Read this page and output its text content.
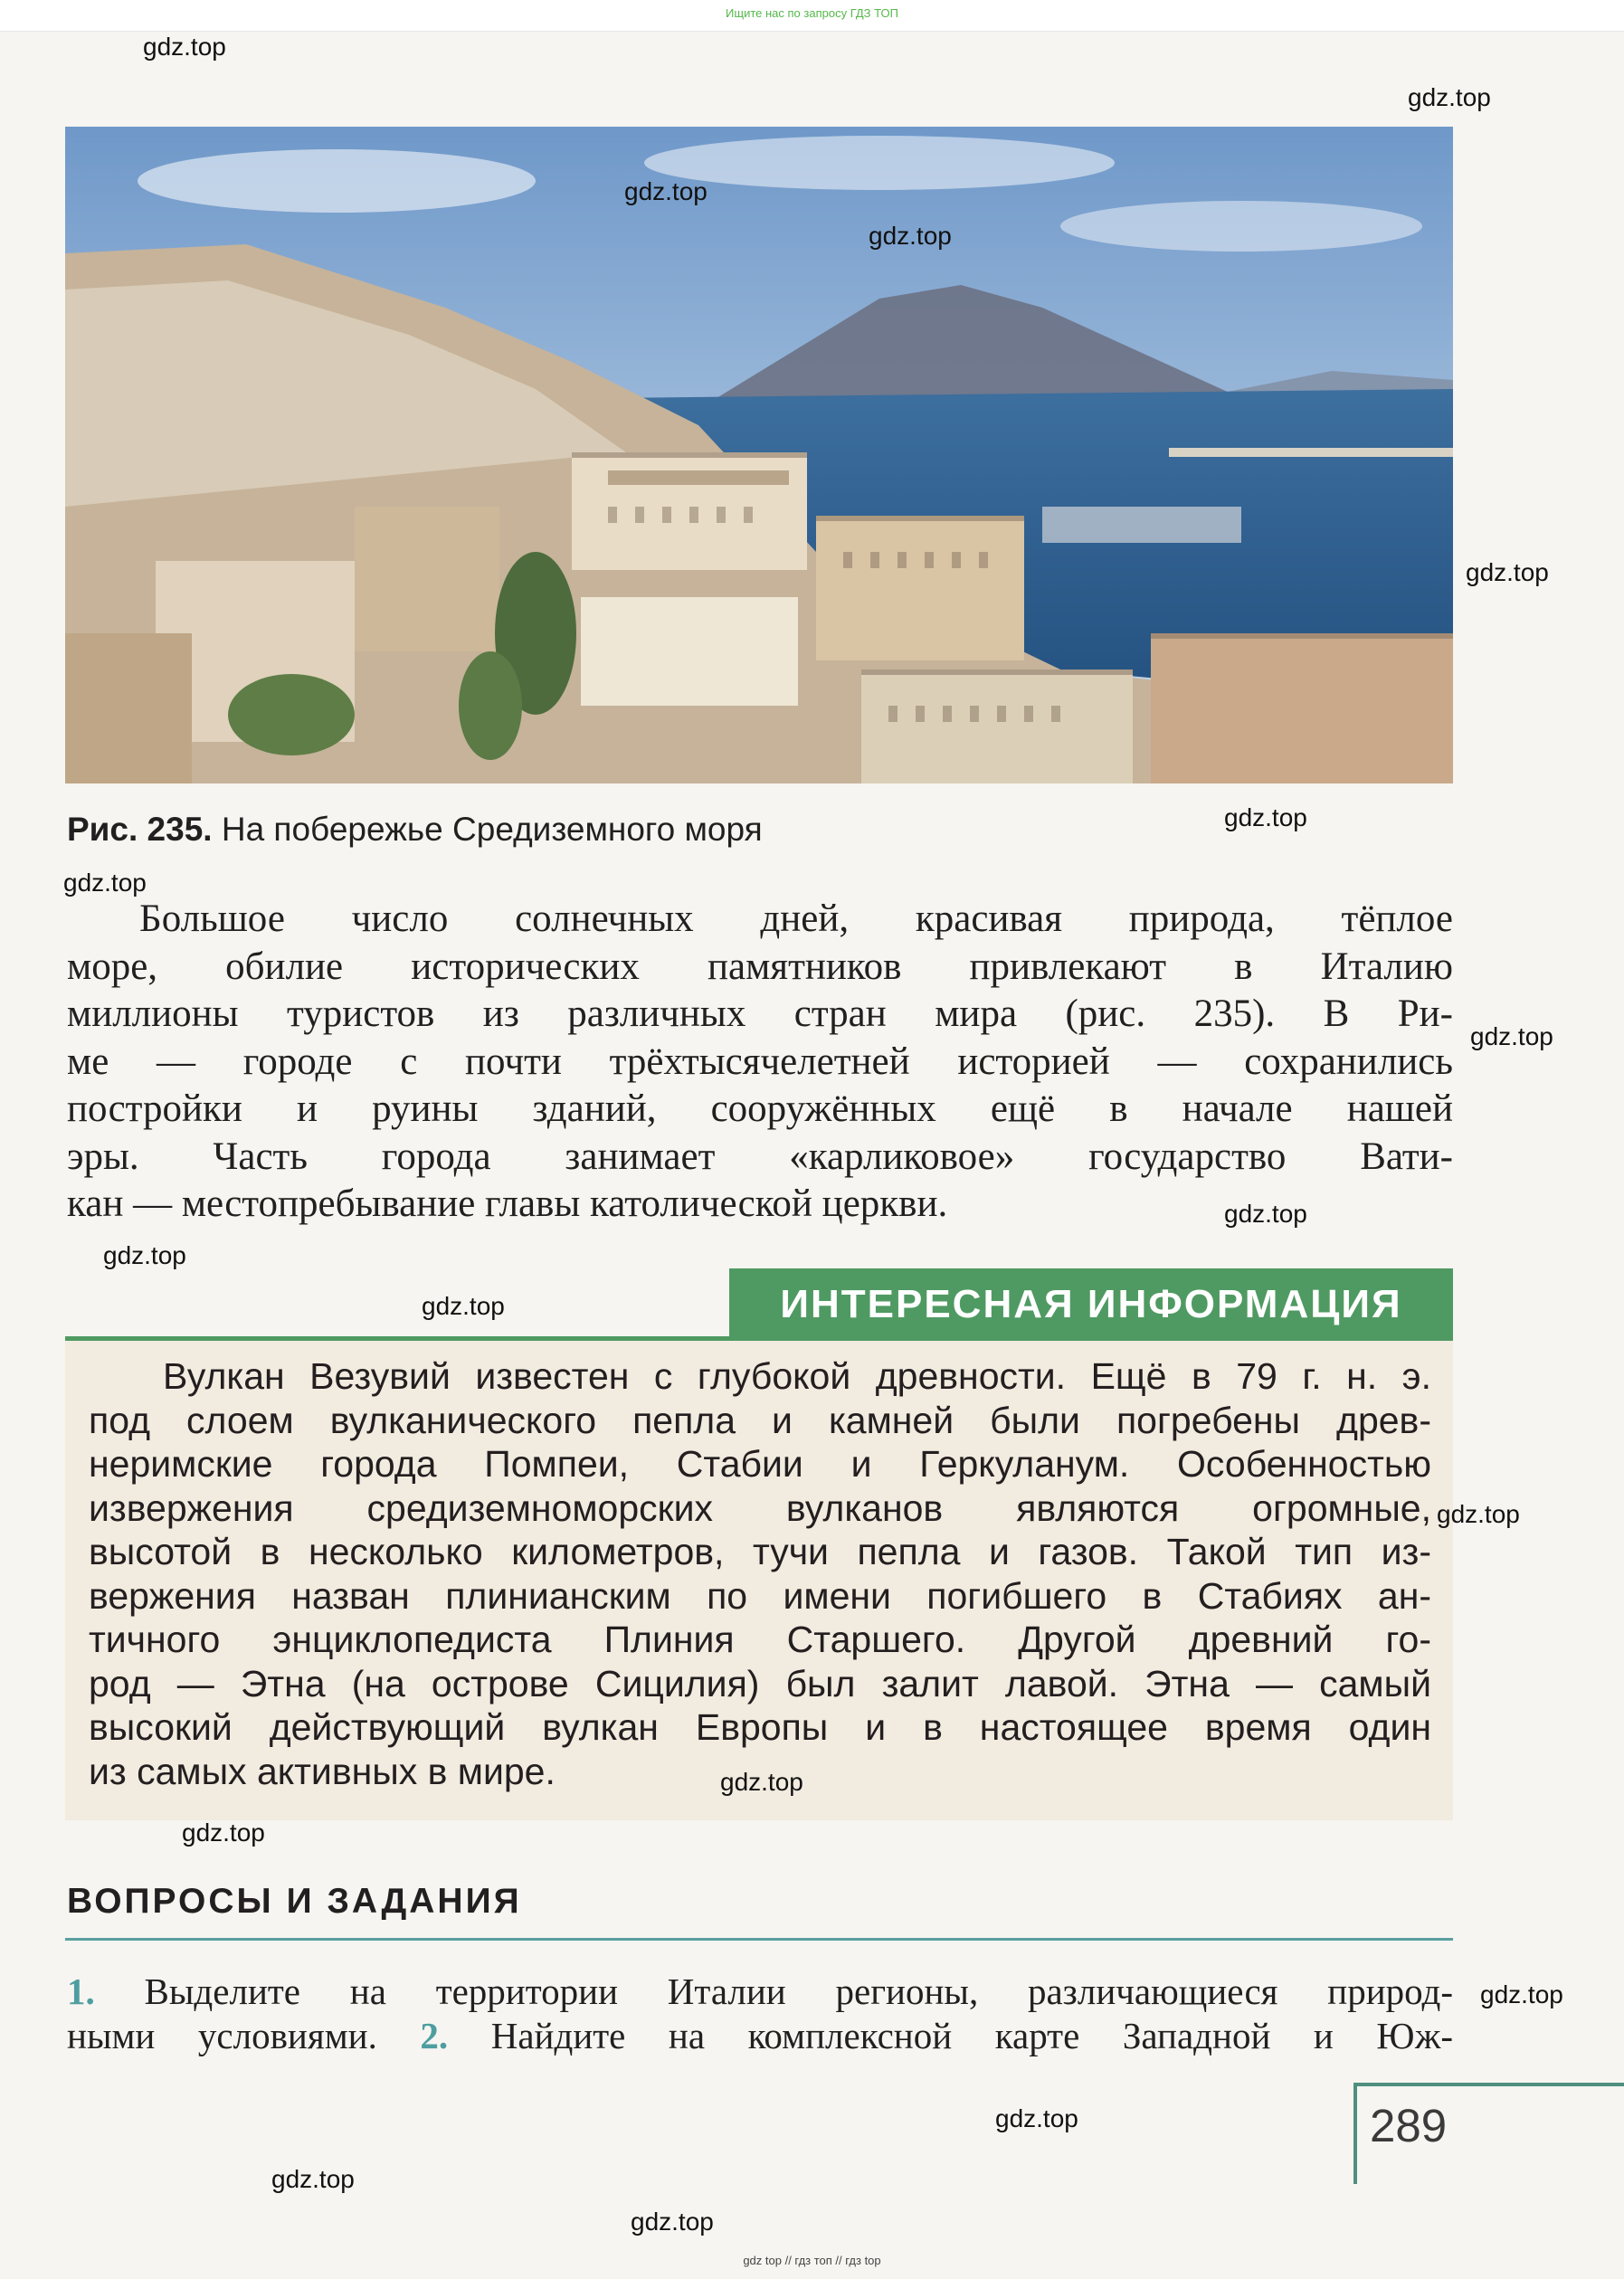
Ищите нас по запросу ГДЗ ТОП
Рис. 235. На побережье Средиземного моря
Большое число солнечных дней, красивая природа, тёплое
море, обилие исторических памятников привлекают в Италию
миллионы туристов из различных стран мира (рис. 235). В Ри-
ме — городе с почти трёхтысячелетней историей — сохранились
постройки и руины зданий, сооружённых ещё в начале нашей
эры. Часть города занимает «карликовое» государство Вати-
кан — местопребывание главы католической церкви.
ИНТЕРЕСНАЯ ИНФОРМАЦИЯ
Вулкан Везувий известен с глубокой древности. Ещё в 79 г. н. э.
под слоем вулканического пепла и камней были погребены древ-
неримские города Помпеи, Стабии и Геркуланум. Особенностью
извержения средиземноморских вулканов являются огромные,
высотой в несколько километров, тучи пепла и газов. Такой тип из-
вержения назван плинианским по имени погибшего в Стабиях ан-
тичного энциклопедиста Плиния Старшего. Другой древний го-
род — Этна (на острове Сицилия) был залит лавой. Этна — самый
высокий действующий вулкан Европы и в настоящее время один
из самых активных в мире.
ВОПРОСЫ И ЗАДАНИЯ
1. Выделите на территории Италии регионы, различающиеся природ-
ными условиями. 2. Найдите на комплексной карте Западной и Юж-
289
gdz.top
gdz.top
gdz.top
gdz.top
gdz.top
gdz.top
gdz.top
gdz.top
gdz.top
gdz.top
gdz.top
gdz.top
gdz.top
gdz.top
gdz.top
gdz.top
gdz.top
gdz.top
gdz top // гдз топ // гдз top
